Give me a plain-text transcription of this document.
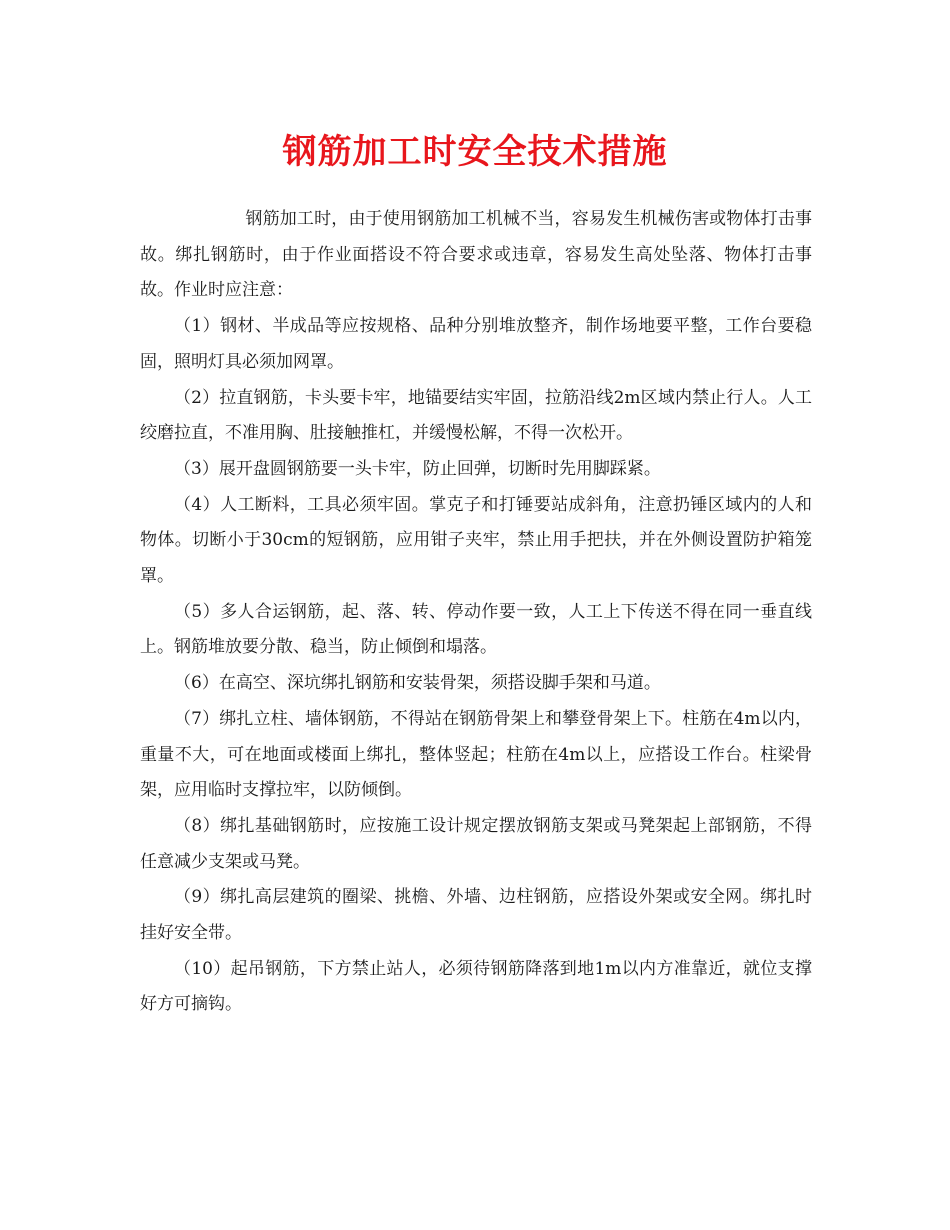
钢筋加工时安全技术措施

钢筋加工时，由于使用钢筋加工机械不当，容易发生机械伤害或物体打击事故。绑扎钢筋时，由于作业面搭设不符合要求或违章，容易发生高处坠落、物体打击事故。作业时应注意：

（1）钢材、半成品等应按规格、品种分别堆放整齐，制作场地要平整，工作台要稳固，照明灯具必须加网罩。

（2）拉直钢筋，卡头要卡牢，地锚要结实牢固，拉筋沿线2m区域内禁止行人。人工绞磨拉直，不准用胸、肚接触推杠，并缓慢松解，不得一次松开。

（3）展开盘圆钢筋要一头卡牢，防止回弹，切断时先用脚踩紧。

（4）人工断料，工具必须牢固。掌克子和打锤要站成斜角，注意扔锤区域内的人和物体。切断小于30cm的短钢筋，应用钳子夹牢，禁止用手把扶，并在外侧设置防护箱笼罩。

（5）多人合运钢筋，起、落、转、停动作要一致，人工上下传送不得在同一垂直线上。钢筋堆放要分散、稳当，防止倾倒和塌落。

（6）在高空、深坑绑扎钢筋和安装骨架，须搭设脚手架和马道。

（7）绑扎立柱、墙体钢筋，不得站在钢筋骨架上和攀登骨架上下。柱筋在4m以内，重量不大，可在地面或楼面上绑扎，整体竖起；柱筋在4m以上，应搭设工作台。柱梁骨架，应用临时支撑拉牢，以防倾倒。

（8）绑扎基础钢筋时，应按施工设计规定摆放钢筋支架或马凳架起上部钢筋，不得任意减少支架或马凳。

（9）绑扎高层建筑的圈梁、挑檐、外墙、边柱钢筋，应搭设外架或安全网。绑扎时挂好安全带。

（10）起吊钢筋，下方禁止站人，必须待钢筋降落到地1m以内方准靠近，就位支撑好方可摘钩。
